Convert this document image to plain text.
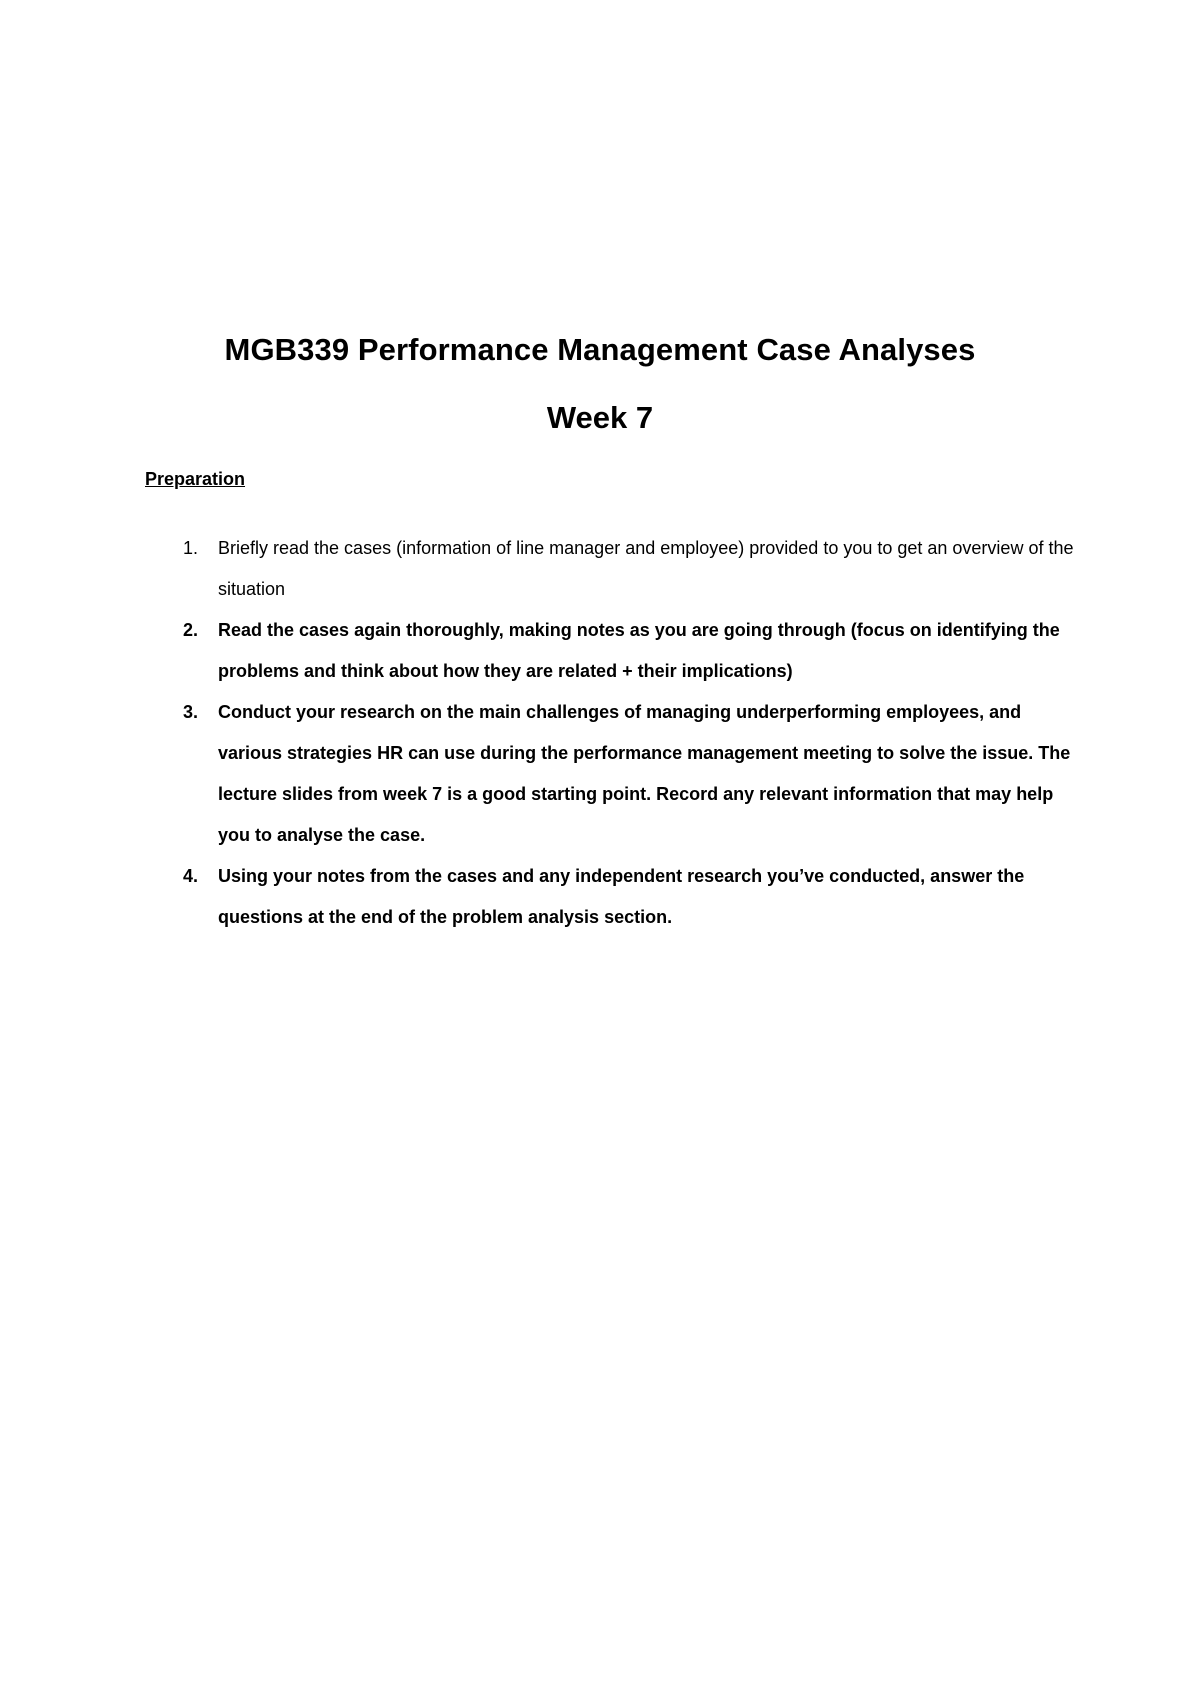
MGB339 Performance Management Case Analyses
Week 7
Preparation
1. Briefly read the cases (information of line manager and employee) provided to you to get an overview of the situation
2. Read the cases again thoroughly, making notes as you are going through (focus on identifying the problems and think about how they are related + their implications)
3. Conduct your research on the main challenges of managing underperforming employees, and various strategies HR can use during the performance management meeting to solve the issue. The lecture slides from week 7 is a good starting point. Record any relevant information that may help you to analyse the case.
4. Using your notes from the cases and any independent research you’ve conducted, answer the questions at the end of the problem analysis section.
